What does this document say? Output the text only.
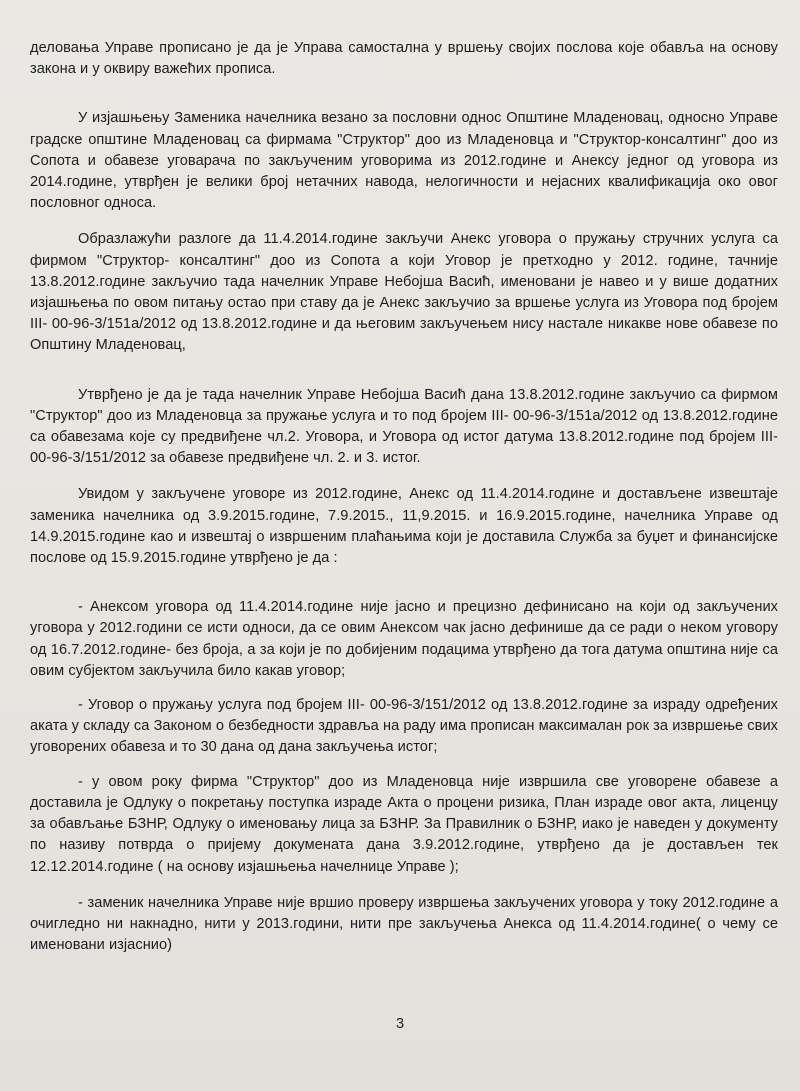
деловања Управе прописано је да је Управа самостална у вршењу својих послова које обавља на основу закона и у оквиру важећих прописа.

У изјашњењу Заменика начелника везано за пословни однос Општине Младеновац, односно Управе градске општине Младеновац са фирмама "Структор" доо из Младеновца и "Структор-консалтинг" доо из Сопота и обавезе уговарача по закљученим уговорима из 2012.године и Анексу једног од уговора из 2014.године, утврђен је велики број нетачних навода, нелогичности и нејасних квалификација око овог пословног односа.

Образлажући разлоге да 11.4.2014.године закључи Анекс уговора о пружању стручних услуга са фирмом "Структор- консалтинг" доо из Сопота а који Уговор је претходно у 2012. године, тачније 13.8.2012.године закључио тада начелник Управе Небојша Васић, именовани је навео и у више додатних изјашњења по овом питању остао при ставу да је Анекс закључио за вршење услуга из Уговора под бројем III- 00-96-3/151а/2012 од 13.8.2012.године и да његовим закључењем нису настале никакве нове обавезе по Општину Младеновац,

Утврђено је да је тада начелник Управе Небојша Васић дана 13.8.2012.године закључио са фирмом "Структор" доо из Младеновца за пружање услуга и то под бројем III- 00-96-3/151а/2012 од 13.8.2012.године са обавезама које су предвиђене чл.2. Уговора, и Уговора од истог датума 13.8.2012.године под бројем III- 00-96-3/151/2012 за обавезе предвиђене чл. 2. и 3. истог.

Увидом у закључене уговоре из 2012.године, Анекс од 11.4.2014.године и достављене извештаје заменика начелника од 3.9.2015.године, 7.9.2015., 11,9.2015. и 16.9.2015.године, начелника Управе од 14.9.2015.године као и извештај о извршеним плаћањима који је доставила Служба за буџет и финансијске послове од 15.9.2015.године утврђено је да :

- Анексом уговора од 11.4.2014.године није јасно и прецизно дефинисано на који од закључених уговора у 2012.години се исти односи, да се овим Анексом чак јасно дефинише да се ради о неком уговору од 16.7.2012.године- без броја, а за који је по добијеним подацима утврђено да тога датума општина није са овим субјектом закључила било какав уговор;

- Уговор о пружању услуга под бројем III- 00-96-3/151/2012 од 13.8.2012.године за израду одређених аката у складу са Законом о безбедности здравља на раду има прописан максималан рок за извршење свих уговорених обавеза и то 30 дана од дана закључења истог;

- у овом року фирма "Структор" доо из Младеновца није извршила све уговорене обавезе а доставила је Одлуку о покретању поступка израде Акта о процени ризика, План израде овог акта, лиценцу за обављање БЗНР, Одлуку о именовању лица за БЗНР. За Правилник о БЗНР, иако је наведен у документу по називу потврда о пријему докумената дана 3.9.2012.године, утврђено да је достављен тек 12.12.2014.године ( на основу изјашњења начелнице Управе );

- заменик начелника Управе није вршио проверу извршења закључених уговора у току 2012.године а очигледно ни накнадно, нити у 2013.години, нити пре закључења Анекса од 11.4.2014.године( о чему се именовани изјаснио)

3
